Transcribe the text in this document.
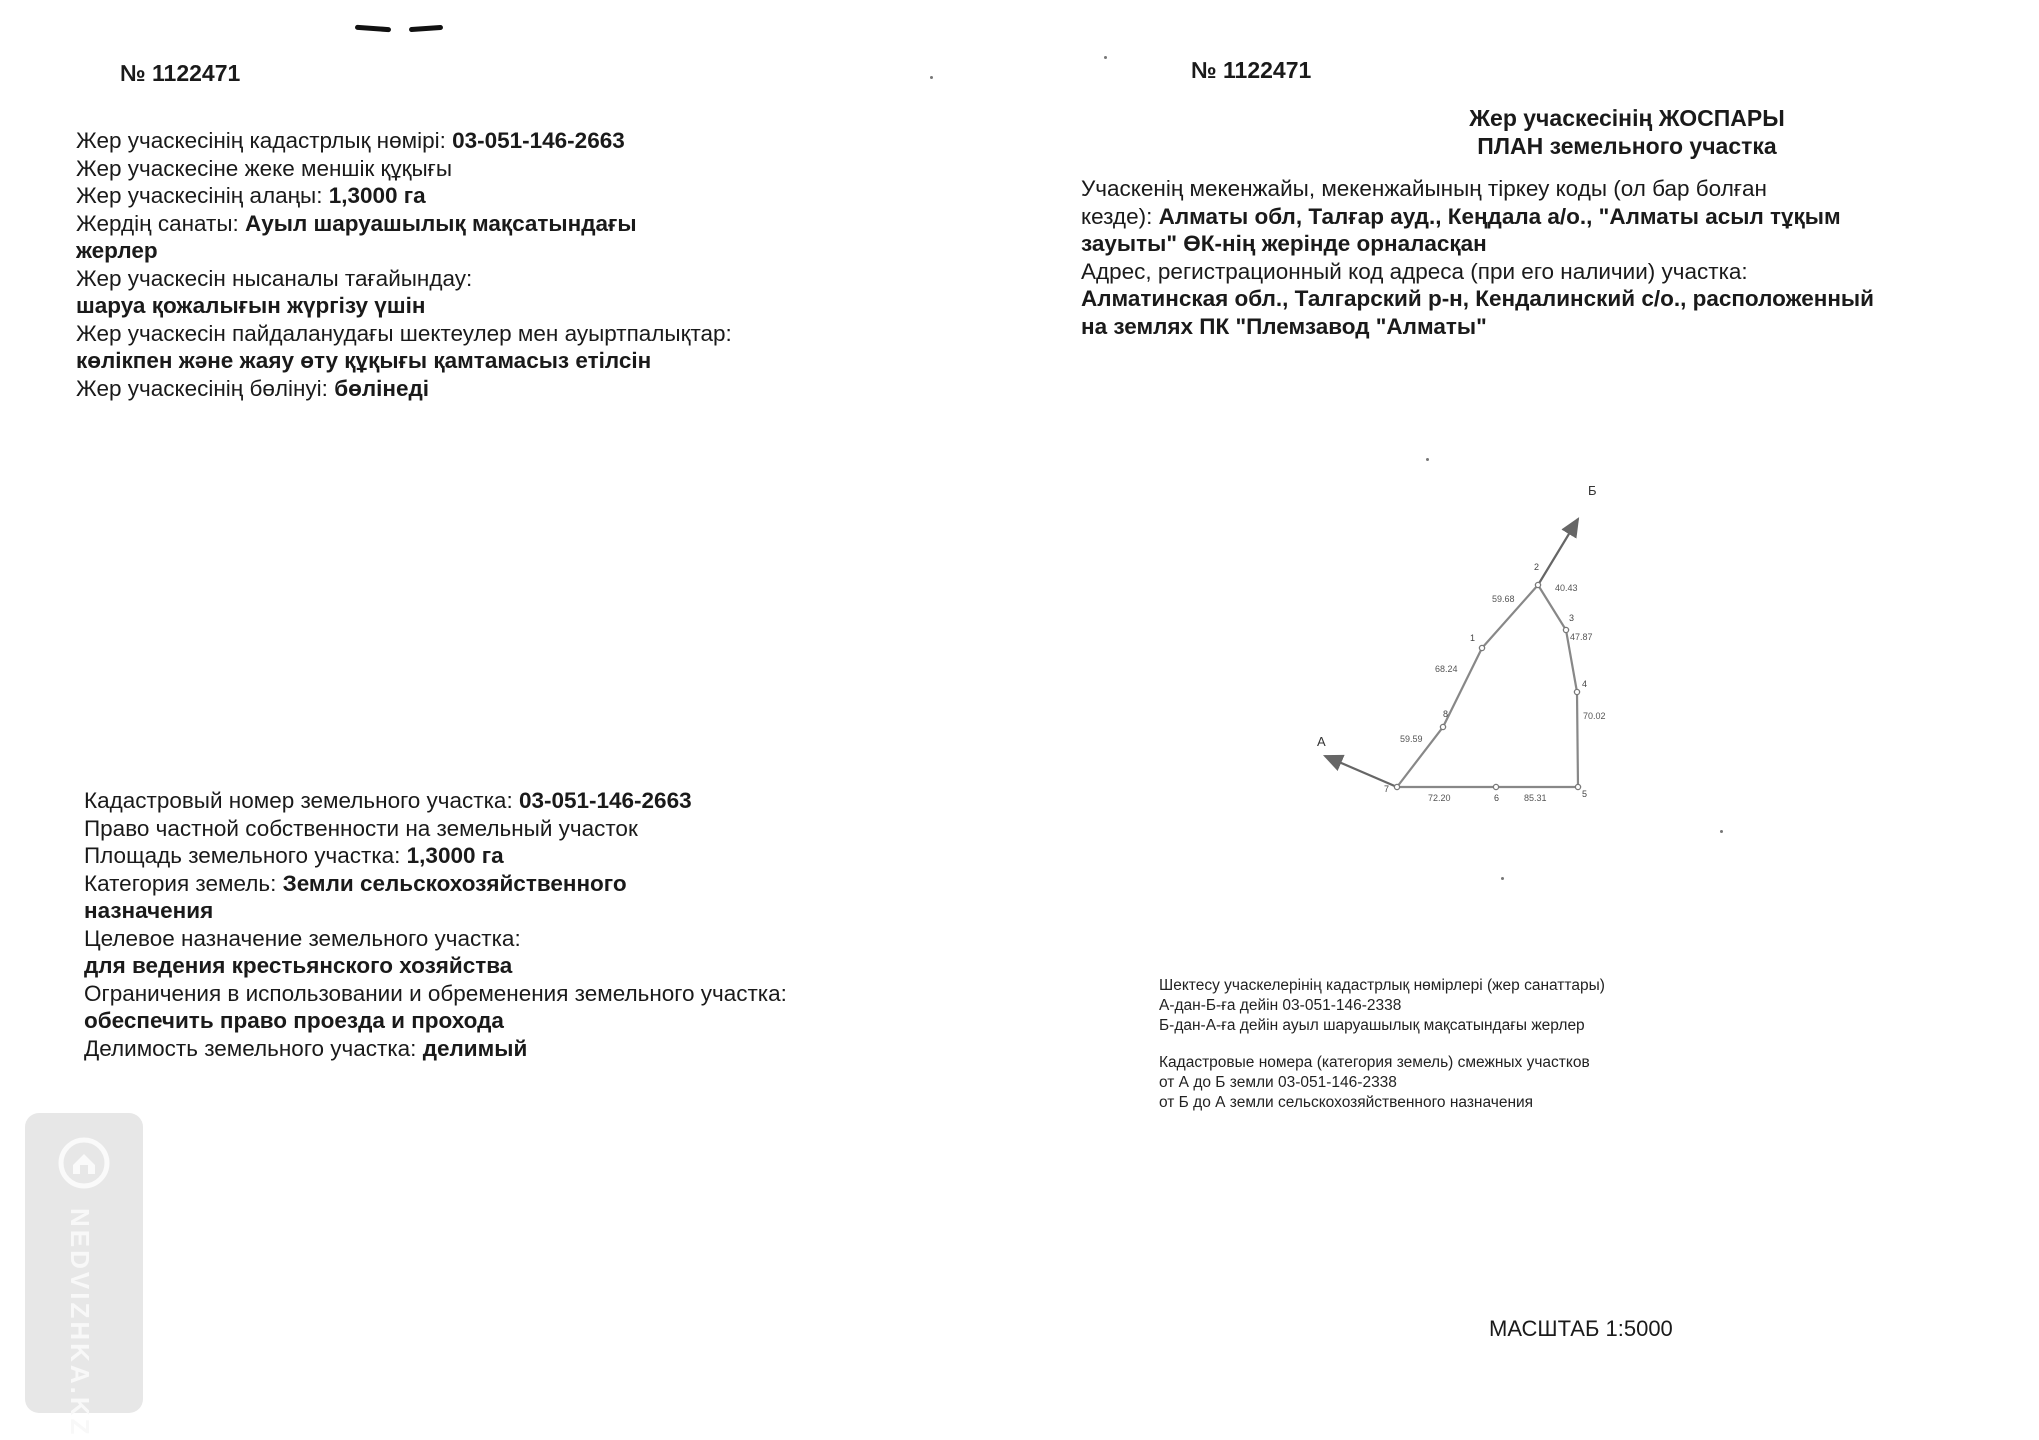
№ 1122471
Жер учаскесінің кадастрлық нөмірі: 03-051-146-2663
Жер учаскесіне жеке меншік құқығы
Жер учаскесінің алаңы: 1,3000 га
Жердің санаты: Ауыл шаруашылық мақсатындағы
жерлер
Жер учаскесін нысаналы тағайындау:
шаруа қожалығын жүргізу үшін
Жер учаскесін пайдаланудағы шектеулер мен ауыртпалықтар:
көлікпен және жаяу өту құқығы қамтамасыз етілсін
Жер учаскесінің бөлінуі: бөлінеді
Кадастровый номер земельного участка: 03-051-146-2663
Право частной собственности на земельный участок
Площадь земельного участка: 1,3000 га
Категория земель: Земли сельскохозяйственного
назначения
Целевое назначение земельного участка:
для ведения крестьянского хозяйства
Ограничения в использовании и обременения земельного участка:
обеспечить право проезда и прохода
Делимость земельного участка: делимый
NEDVIZHKA.KZ
№ 1122471
Жер учаскесінің ЖОСПАРЫ
ПЛАН земельного участка
Учаскенің мекенжайы, мекенжайының тіркеу коды (ол бар болған
кезде): Алматы обл, Талғар ауд., Кеңдала а/о., "Алматы асыл тұқым
зауыты" ӨК-нің жерінде орналасқан
Адрес, регистрационный код адреса (при его наличии) участка:
Алматинская обл., Талгарский р-н, Кендалинский с/о., расположенный
на землях ПК "Племзавод "Алматы"
А
Б
1
2
3
4
5
6
7
8
59.68
40.43
47.87
70.02
85.31
72.20
59.59
68.24
Шектесу учаскелерінің кадастрлық нөмірлері (жер санаттары)
А-дан-Б-ға дейін 03-051-146-2338
Б-дан-А-ға дейін ауыл шаруашылық мақсатындағы жерлер
Кадастровые номера (категория земель) смежных участков
от А до Б земли 03-051-146-2338
от Б до А земли сельскохозяйственного назначения
МАСШТАБ 1:5000
